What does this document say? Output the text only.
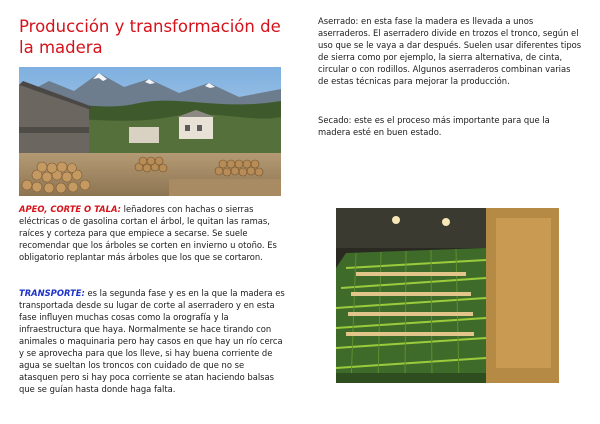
Producción y transformación de la madera

APEO, CORTE O TALA: leñadores con hachas o sierras eléctricas o de gasolina cortan el árbol, le quitan las ramas, raíces y corteza para que empiece a secarse. Se suele recomendar que los árboles se corten en invierno u otoño. Es obligatorio replantar más árboles que los que se cortaron.

TRANSPORTE: es la segunda fase y es en la que la madera es transportada desde su lugar de corte al aserradero y en esta fase influyen muchas cosas como la orografía y la infraestructura que haya. Normalmente se hace tirando con animales o maquinaria pero hay casos en que hay un río cerca y se aprovecha para que los lleve, si hay buena corriente de agua se sueltan los troncos con cuidado de que no se atasquen pero si hay poca corriente se atan haciendo balsas que se guían hasta donde haga falta.

Aserrado: en esta fase la madera es llevada a unos aserraderos. El aserradero divide en trozos el tronco, según el uso que se le vaya a dar después. Suelen usar diferentes tipos de sierra como por ejemplo, la sierra alternativa, de cinta, circular o con rodillos. Algunos aserraderos combinan varias de estas técnicas para mejorar la producción.

Secado: este es el proceso más importante para que la madera esté en buen estado.
